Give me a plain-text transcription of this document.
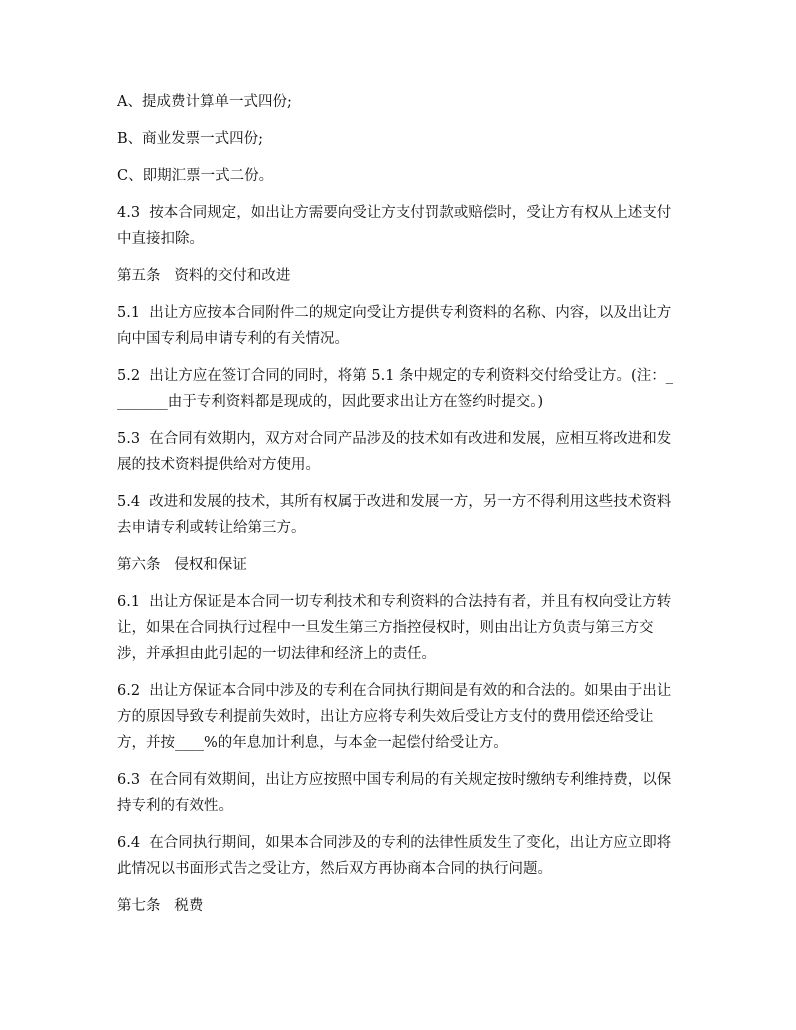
A、提成费计算单一式四份;

B、商业发票一式四份;

C、即期汇票一式二份。

4.3  按本合同规定，如出让方需要向受让方支付罚款或赔偿时，受让方有权从上述支付中直接扣除。

第五条   资料的交付和改进

5.1  出让方应按本合同附件二的规定向受让方提供专利资料的名称、内容，以及出让方向中国专利局申请专利的有关情况。

5.2  出让方应在签订合同的同时，将第 5.1 条中规定的专利资料交付给受让方。(注：________由于专利资料都是现成的，因此要求出让方在签约时提交。)

5.3  在合同有效期内，双方对合同产品涉及的技术如有改进和发展，应相互将改进和发展的技术资料提供给对方使用。

5.4  改进和发展的技术，其所有权属于改进和发展一方，另一方不得利用这些技术资料去申请专利或转让给第三方。

第六条   侵权和保证

6.1  出让方保证是本合同一切专利技术和专利资料的合法持有者，并且有权向受让方转让，如果在合同执行过程中一旦发生第三方指控侵权时，则由出让方负责与第三方交涉，并承担由此引起的一切法律和经济上的责任。

6.2  出让方保证本合同中涉及的专利在合同执行期间是有效的和合法的。如果由于出让方的原因导致专利提前失效时，出让方应将专利失效后受让方支付的费用偿还给受让方，并按____%的年息加计利息，与本金一起偿付给受让方。

6.3  在合同有效期间，出让方应按照中国专利局的有关规定按时缴纳专利维持费，以保持专利的有效性。

6.4  在合同执行期间，如果本合同涉及的专利的法律性质发生了变化，出让方应立即将此情况以书面形式告之受让方，然后双方再协商本合同的执行问题。

第七条   税费
